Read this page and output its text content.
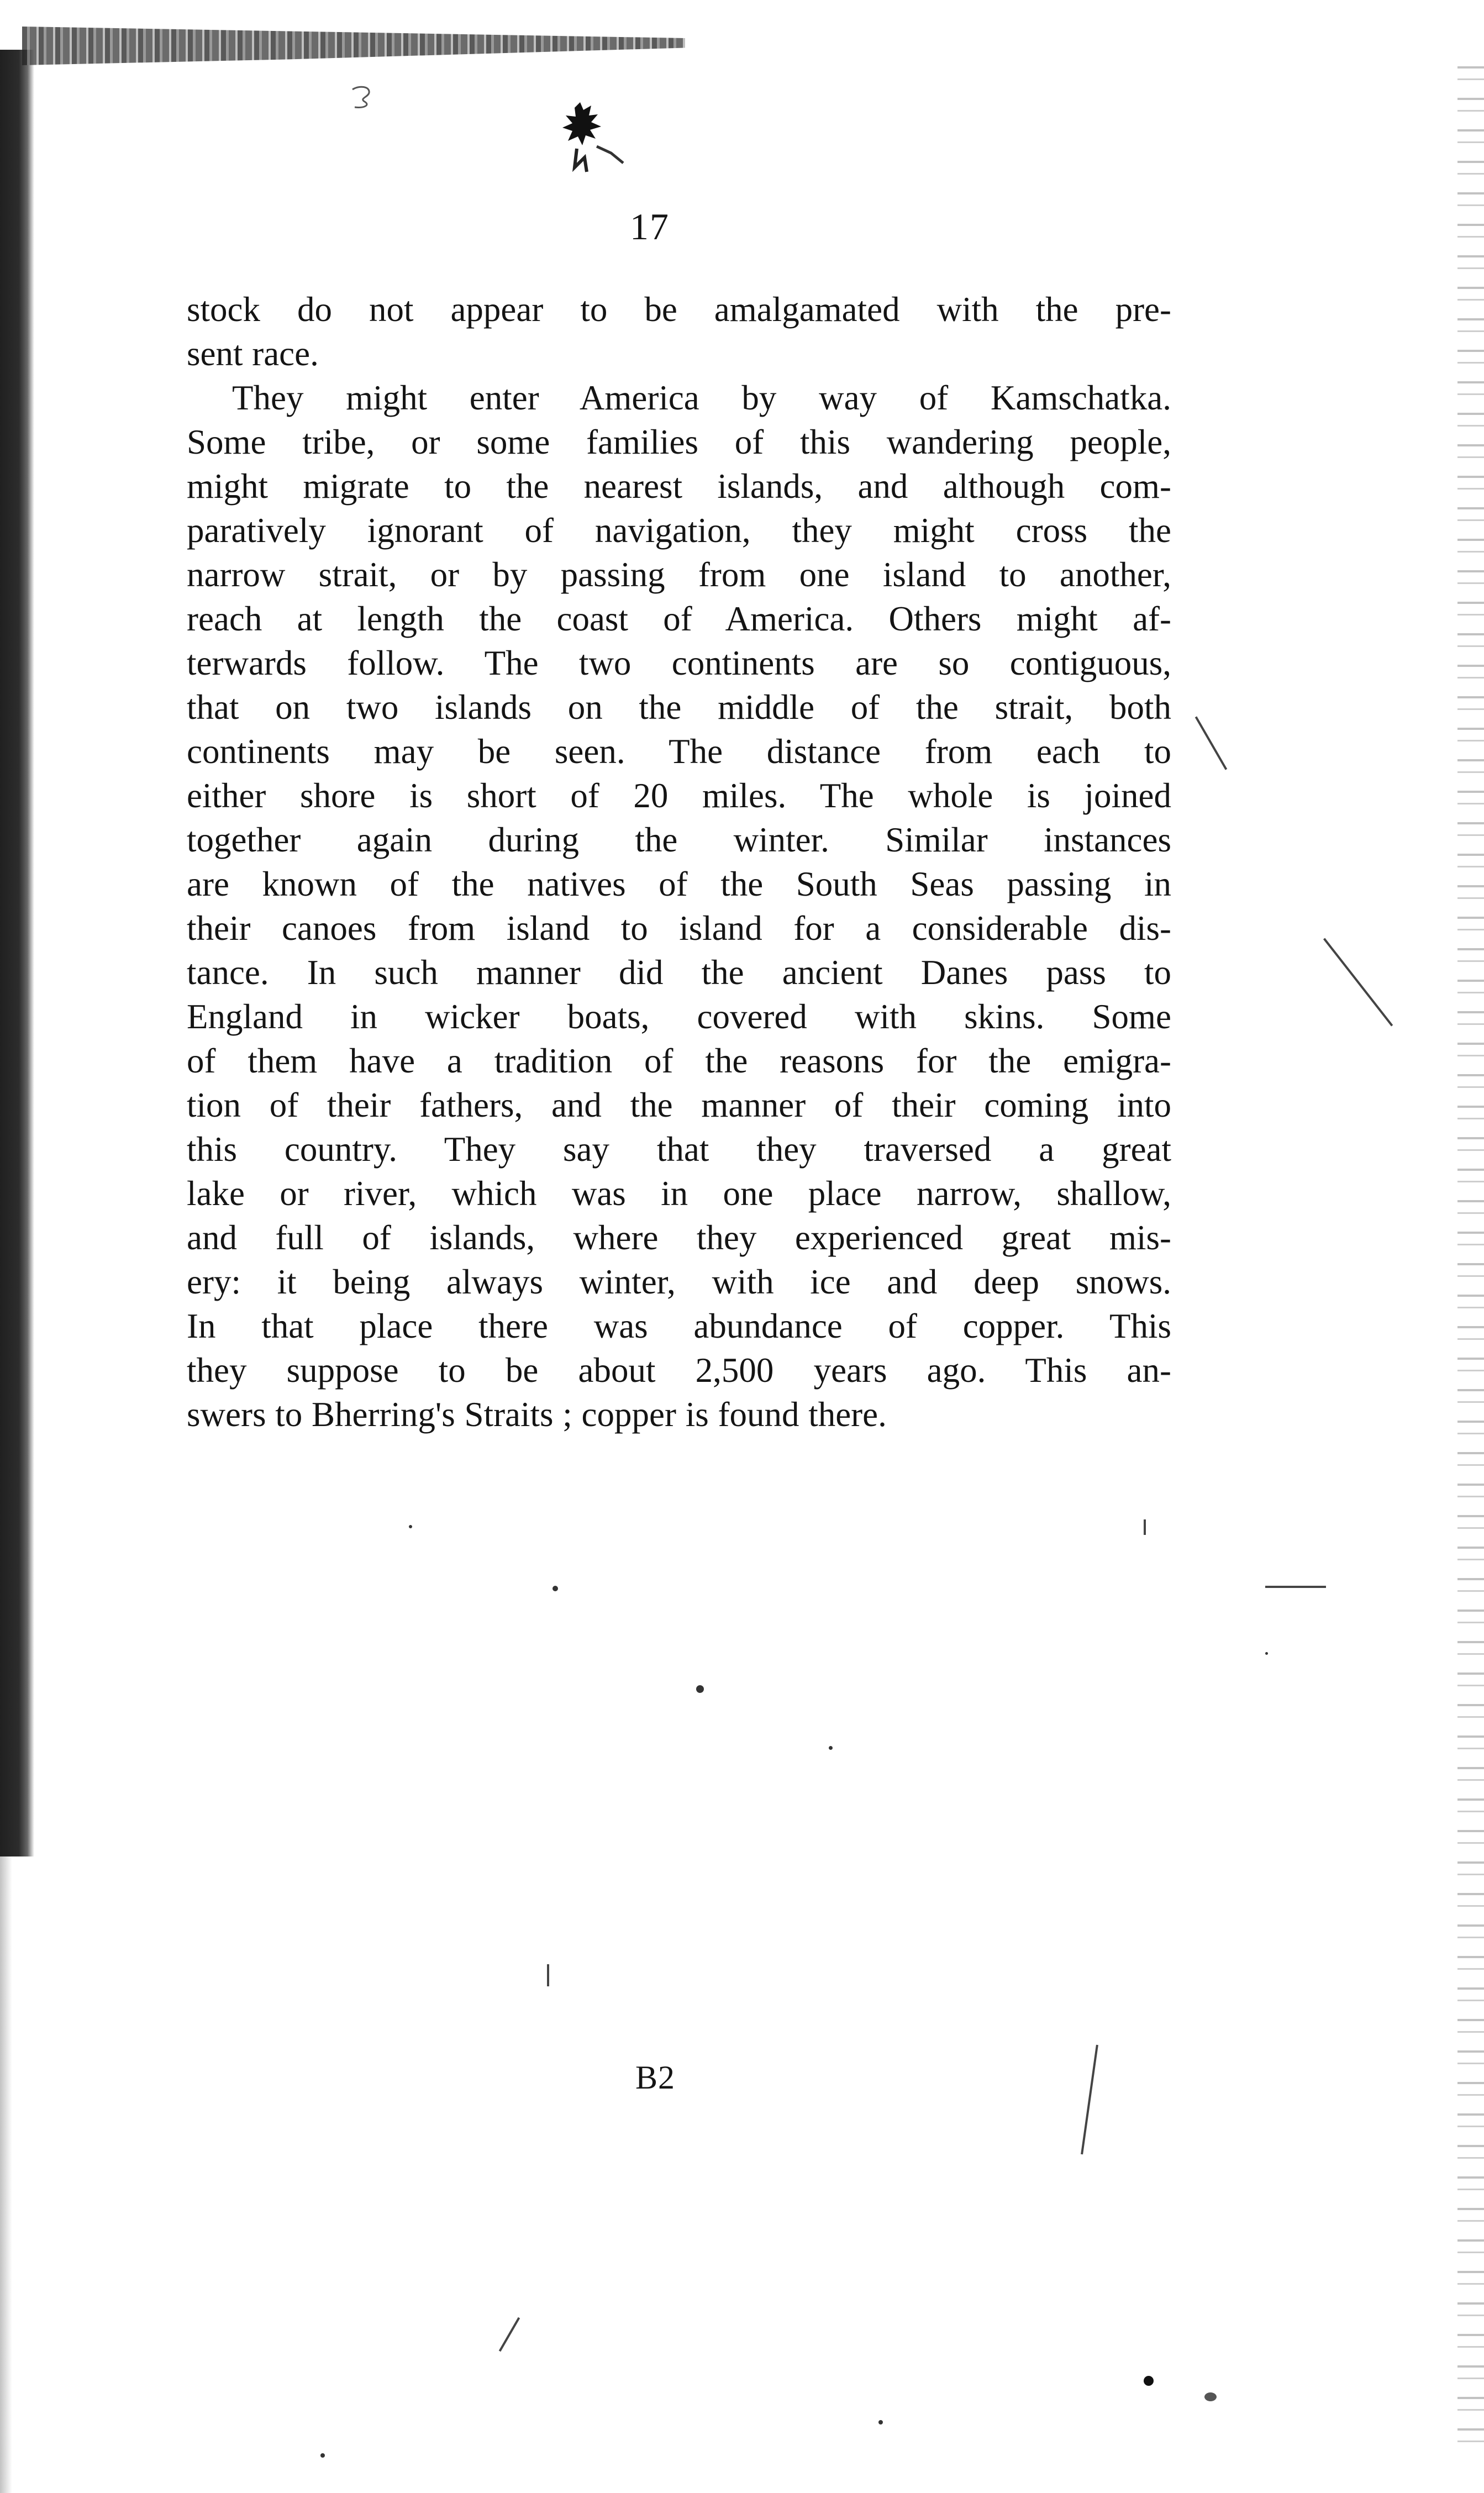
17
stock do not appear to be amalgamated with the pre-
sent race.
They might enter America by way of Kamschatka.
Some tribe, or some families of this wandering people,
might migrate to the nearest islands, and although com-
paratively ignorant of navigation, they might cross the
narrow strait, or by passing from one island to another,
reach at length the coast of America. Others might af-
terwards follow. The two continents are so contiguous,
that on two islands on the middle of the strait, both
continents may be seen. The distance from each to
either shore is short of 20 miles. The whole is joined
together again during the winter. Similar instances
are known of the natives of the South Seas passing in
their canoes from island to island for a considerable dis-
tance. In such manner did the ancient Danes pass to
England in wicker boats, covered with skins. Some
of them have a tradition of the reasons for the emigra-
tion of their fathers, and the manner of their coming into
this country. They say that they traversed a great
lake or river, which was in one place narrow, shallow,
and full of islands, where they experienced great mis-
ery: it being always winter, with ice and deep snows.
In that place there was abundance of copper. This
they suppose to be about 2,500 years ago. This an-
swers to Bherring's Straits ; copper is found there.
B2
